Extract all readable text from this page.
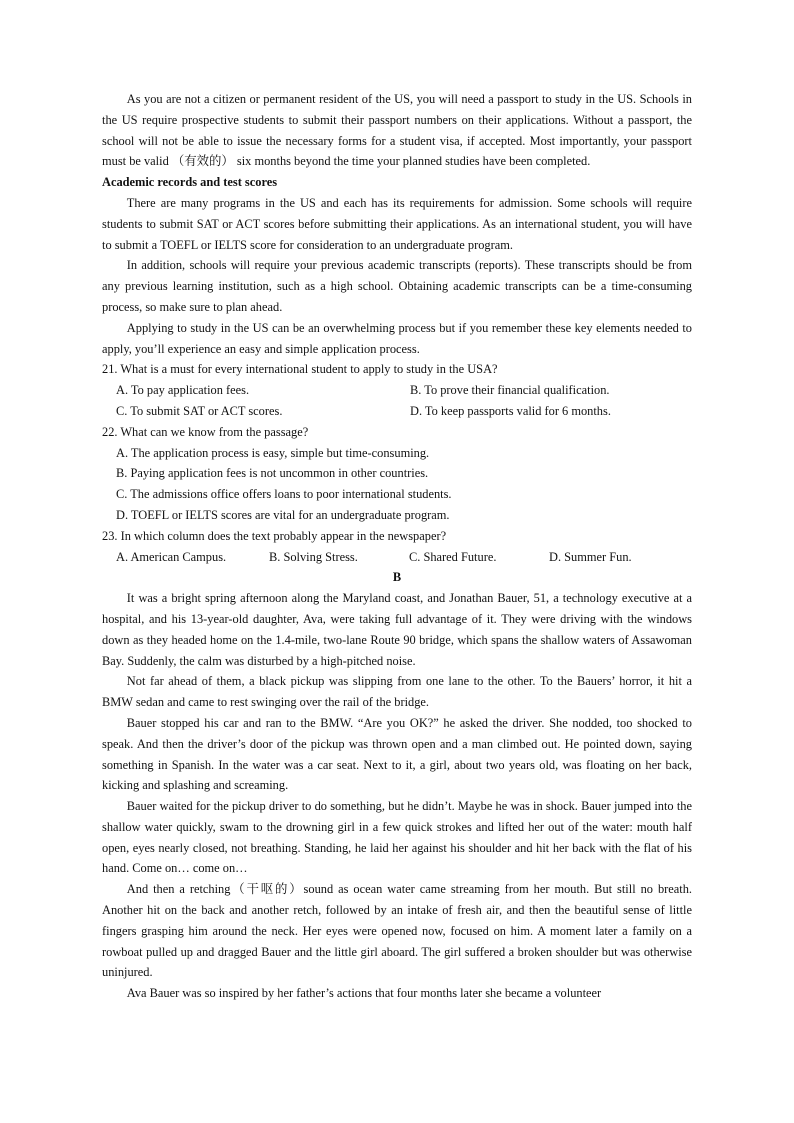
As you are not a citizen or permanent resident of the US, you will need a passport to study in the US. Schools in the US require prospective students to submit their passport numbers on their applications. Without a passport, the school will not be able to issue the necessary forms for a student visa, if accepted. Most importantly, your passport must be valid （有效的） six months beyond the time your planned studies have been completed.

Academic records and test scores

There are many programs in the US and each has its requirements for admission. Some schools will require students to submit SAT or ACT scores before submitting their applications. As an international student, you will have to submit a TOEFL or IELTS score for consideration to an undergraduate program.

In addition, schools will require your previous academic transcripts (reports). These transcripts should be from any previous learning institution, such as a high school. Obtaining academic transcripts can be a time-consuming process, so make sure to plan ahead.

Applying to study in the US can be an overwhelming process but if you remember these key elements needed to apply, you’ll experience an easy and simple application process.

21. What is a must for every international student to apply to study in the USA?

A. To pay application fees.	B. To prove their financial qualification.
C. To submit SAT or ACT scores.	D. To keep passports valid for 6 months.

22. What can we know from the passage?

A. The application process is easy, simple but time-consuming.
B. Paying application fees is not uncommon in other countries.
C. The admissions office offers loans to poor international students.
D. TOEFL or IELTS scores are vital for an undergraduate program.

23. In which column does the text probably appear in the newspaper?

A. American Campus.	B. Solving Stress.	C. Shared Future.	D. Summer Fun.

B

It was a bright spring afternoon along the Maryland coast, and Jonathan Bauer, 51, a technology executive at a hospital, and his 13-year-old daughter, Ava, were taking full advantage of it. They were driving with the windows down as they headed home on the 1.4-mile, two-lane Route 90 bridge, which spans the shallow waters of Assawoman Bay. Suddenly, the calm was disturbed by a high-pitched noise.

Not far ahead of them, a black pickup was slipping from one lane to the other. To the Bauers’ horror, it hit a BMW sedan and came to rest swinging over the rail of the bridge.

Bauer stopped his car and ran to the BMW. “Are you OK?” he asked the driver. She nodded, too shocked to speak. And then the driver’s door of the pickup was thrown open and a man climbed out. He pointed down, saying something in Spanish. In the water was a car seat. Next to it, a girl, about two years old, was floating on her back, kicking and splashing and screaming.

Bauer waited for the pickup driver to do something, but he didn’t. Maybe he was in shock. Bauer jumped into the shallow water quickly, swam to the drowning girl in a few quick strokes and lifted her out of the water: mouth half open, eyes nearly closed, not breathing. Standing, he laid her against his shoulder and hit her back with the flat of his hand. Come on… come on…

And then a retching（干呕的）sound as ocean water came streaming from her mouth. But still no breath. Another hit on the back and another retch, followed by an intake of fresh air, and then the beautiful sense of little fingers grasping him around the neck. Her eyes were opened now, focused on him. A moment later a family on a rowboat pulled up and dragged Bauer and the little girl aboard. The girl suffered a broken shoulder but was otherwise uninjured.

Ava Bauer was so inspired by her father’s actions that four months later she became a volunteer
